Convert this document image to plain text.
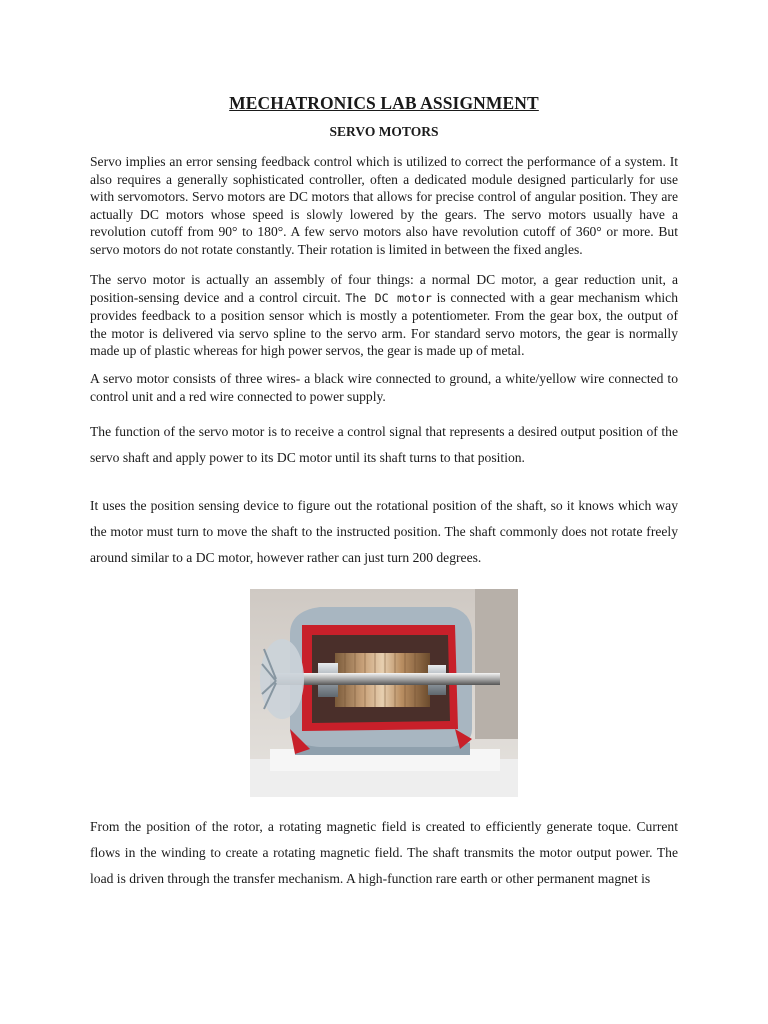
MECHATRONICS LAB ASSIGNMENT
SERVO MOTORS

Servo implies an error sensing feedback control which is utilized to correct the performance of a system. It also requires a generally sophisticated controller, often a dedicated module designed particularly for use with servomotors. Servo motors are DC motors that allows for precise control of angular position. They are actually DC motors whose speed is slowly lowered by the gears. The servo motors usually have a revolution cutoff from 90° to 180°. A few servo motors also have revolution cutoff of 360° or more. But servo motors do not rotate constantly. Their rotation is limited in between the fixed angles.

The servo motor is actually an assembly of four things: a normal DC motor, a gear reduction unit, a position-sensing device and a control circuit. The DC motor is connected with a gear mechanism which provides feedback to a position sensor which is mostly a potentiometer. From the gear box, the output of the motor is delivered via servo spline to the servo arm. For standard servo motors, the gear is normally made up of plastic whereas for high power servos, the gear is made up of metal.

A servo motor consists of three wires- a black wire connected to ground, a white/yellow wire connected to control unit and a red wire connected to power supply.

The function of the servo motor is to receive a control signal that represents a desired output position of the servo shaft and apply power to its DC motor until its shaft turns to that position.

It uses the position sensing device to figure out the rotational position of the shaft, so it knows which way the motor must turn to move the shaft to the instructed position. The shaft commonly does not rotate freely around similar to a DC motor, however rather can just turn 200 degrees.

From the position of the rotor, a rotating magnetic field is created to efficiently generate toque. Current flows in the winding to create a rotating magnetic field. The shaft transmits the motor output power. The load is driven through the transfer mechanism. A high-function rare earth or other permanent magnet is
